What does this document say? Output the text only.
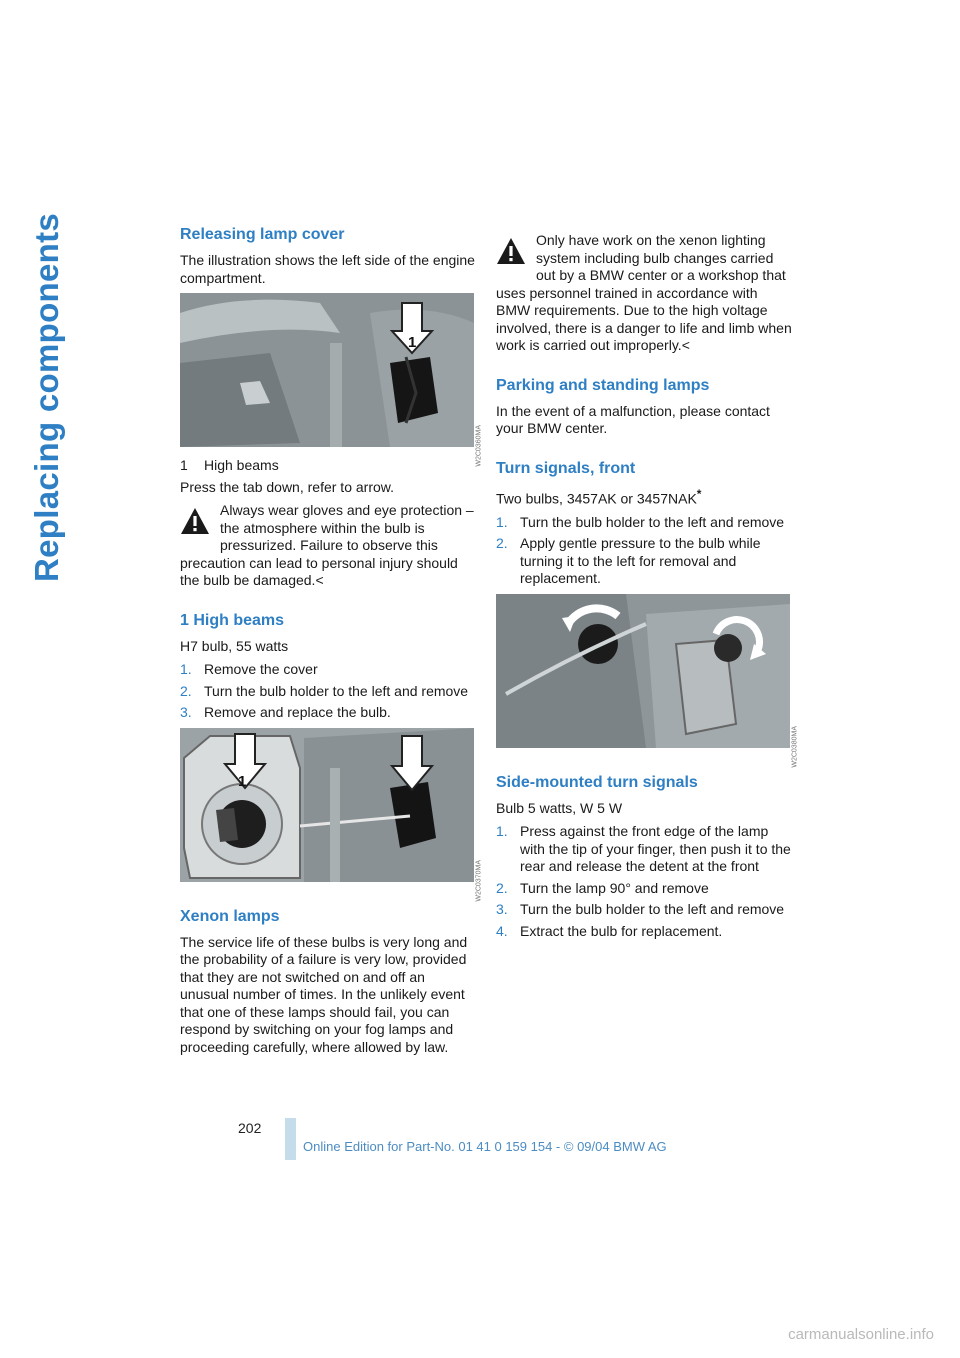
Replacing components	Releasing lamp cover

The illustration shows the left side of the engine compartment.

1
W2C0360MA
1 High beams

Press the tab down, refer to arrow.

Always wear gloves and eye protection – the atmosphere within the bulb is pressurized. Failure to observe this precaution can lead to personal injury should the bulb be damaged.<
1 High beams

H7 bulb, 55 watts

1. Remove the cover
2. Turn the bulb holder to the left and remove
3. Remove and replace the bulb.
1
W2C0370MA
Xenon lamps

The service life of these bulbs is very long and the probability of a failure is very low, provided that they are not switched on and off an unusual number of times. In the unlikely event that one of these lamps should fail, you can respond by switching on your fog lamps and proceeding carefully, where allowed by law.

Only have work on the xenon lighting system including bulb changes carried out by a BMW center or a workshop that uses personnel trained in accordance with BMW requirements. Due to the high voltage involved, there is a danger to life and limb when work is carried out improperly.<
Parking and standing lamps

In the event of a malfunction, please contact your BMW center.

Turn signals, front

Two bulbs, 3457AK or 3457NAK*

1. Turn the bulb holder to the left and remove
2. Apply gentle pressure to the bulb while turning it to the left for removal and replacement.
W2C0380MA
Side-mounted turn signals

Bulb 5 watts, W 5 W

1. Press against the front edge of the lamp with the tip of your finger, then push it to the rear and release the detent at the front
2. Turn the lamp 90° and remove
3. Turn the bulb holder to the left and remove
4. Extract the bulb for replacement.
202
Online Edition for Part-No. 01 41 0 159 154 - © 09/04 BMW AG
carmanualsonline.info
